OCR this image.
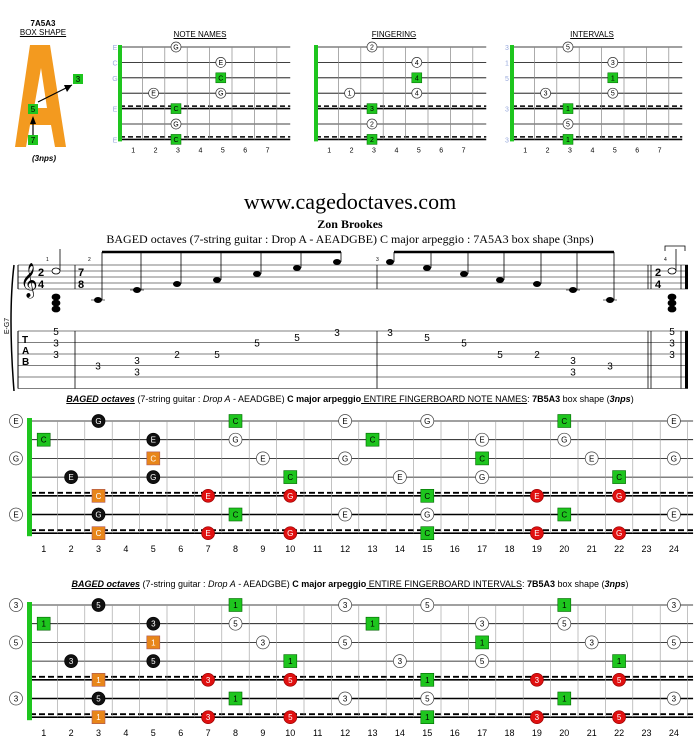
7A5A3
BOX SHAPE
(3nps)
3
5
7
NOTE NAMES	FINGERING	INTERVALS
1	2	3	4	5	6	7
E
C
G
E
E
G
E
C
E	G
C
G
C
1	2	3	4	5	6	7
2
4
4
1	4
3
2
2
1	2	3	4	5	6	7
3
1
5
3
3
5
3
1
3	5
1
5
1
www.cagedoctaves.com
Zon Brookes
BAGED octaves (7-string guitar : Drop A - AEADGBE) C major arpeggio : 7A5A3 box shape (3nps)
𝄞 2
4
7
8
2
4
E-G7
T
A
B
1	2	3	4
5
3
3
3
3
3
2	5
5
5	3	3	5
5
5	2
3
3
3
5
3
3
BAGED octaves (7-string guitar : Drop A - AEADGBE) C major arpeggio ENTIRE FINGERBOARD NOTE NAMES: 7B5A3 box shape (3nps)
BAGED octaves (7-string guitar : Drop A - AEADGBE) C major arpeggio ENTIRE FINGERBOARD INTERVALS: 7B5A3 box shape (3nps)
1 2 3 4 5 6 7 8 9 10 11 12 13 14 15 16 17 18 19 20 21 22 23 24
E	G	C	E	G	C	E
C	E	G	C	E	G
G	C	E	G	C	E	G
E	G	C	E	G	C
C	E	G	C	E	G
E	G	C	E	G	C	E
C	E	G	C	E	G
1 2 3 4 5 6 7 8 9 10 11 12 13 14 15 16 17 18 19 20 21 22 23 24
3	5	1	3	5	1	3
1	3	5	1	3	5
5	1	3	5	1	3	5
3	5	1	3	5	1
1	3	5	1	3	5
3	5	1	3	5	1	3
1	3	5	1	3	5
